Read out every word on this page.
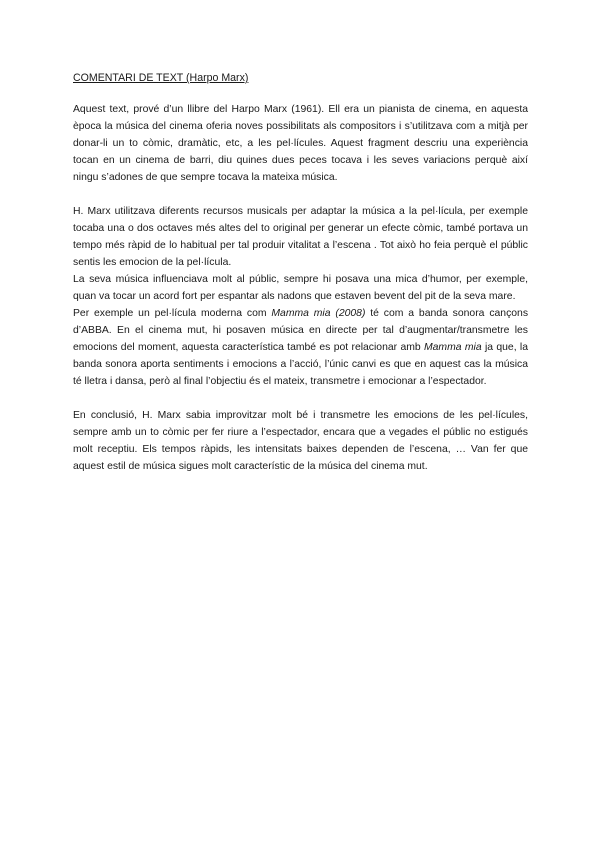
COMENTARI DE TEXT (Harpo Marx)

Aquest text, prové d’un llibre del Harpo Marx (1961). Ell era un pianista de cinema, en aquesta època la música del cinema oferia noves possibilitats als compositors i s’utilitzava com a mitjà per donar-li un to còmic, dramàtic, etc, a les pel·lícules. Aquest fragment descriu una experiència tocan en un cinema de barri, diu quines dues peces tocava i les seves variacions perquè així ningu s’adones de que sempre tocava la mateixa música.

H. Marx utilitzava diferents recursos musicals per adaptar la música a la pel·lícula, per exemple tocaba una o dos octaves més altes del to original per generar un efecte còmic, també portava un tempo més ràpid de lo habitual per tal produir vitalitat a l’escena . Tot això ho feia perquè el públic sentis les emocion de la pel·lícula.

La seva música influenciava molt al públic, sempre hi posava una mica d’humor, per exemple, quan va tocar un acord fort per espantar als nadons que estaven bevent del pit de la seva mare.

Per exemple un pel·lícula moderna com Mamma mia (2008) té com a banda sonora cançons d’ABBA. En el cinema mut, hi posaven música en directe per tal d’augmentar/transmetre les emocions del moment, aquesta característica també es pot relacionar amb Mamma mia ja que, la banda sonora aporta sentiments i emocions a l’acció, l’únic canvi es que en aquest cas la música té lletra i dansa, però al final l’objectiu és el mateix, transmetre i emocionar a l’espectador.

En conclusió, H. Marx sabia improvitzar molt bé i transmetre les emocions de les pel·lícules, sempre amb un to còmic per fer riure a l’espectador, encara que a vegades el públic no estigués molt receptiu. Els tempos ràpids, les intensitats baixes dependen de l’escena, … Van fer que aquest estil de música sigues molt característic de la música del cinema mut.
